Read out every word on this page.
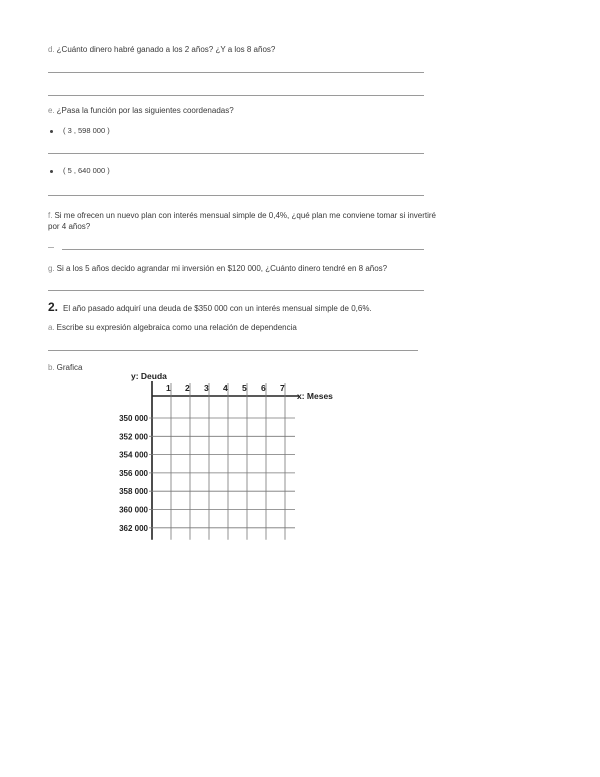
d. ¿Cuánto dinero habré ganado a los 2 años? ¿Y a los 8 años?
e. ¿Pasa la función por las siguientes coordenadas?
( 3 , 598 000 )
( 5 , 640 000 )
f. Si me ofrecen un nuevo plan con interés mensual simple de 0,4%, ¿qué plan me conviene tomar si invertiré
por 4 años?
g. Si a los 5 años decido agrandar mi inversión en $120 000, ¿Cuánto dinero tendré en 8 años?
2. El año pasado adquirí una deuda de $350 000 con un interés mensual simple de 0,6%.
a. Escribe su expresión algebraica como una relación de dependencia
b. Grafica
y: Deuda
x: Meses
1 2 3 4 5 6 7
350 000
352 000
354 000
356 000
358 000
360 000
362 000
